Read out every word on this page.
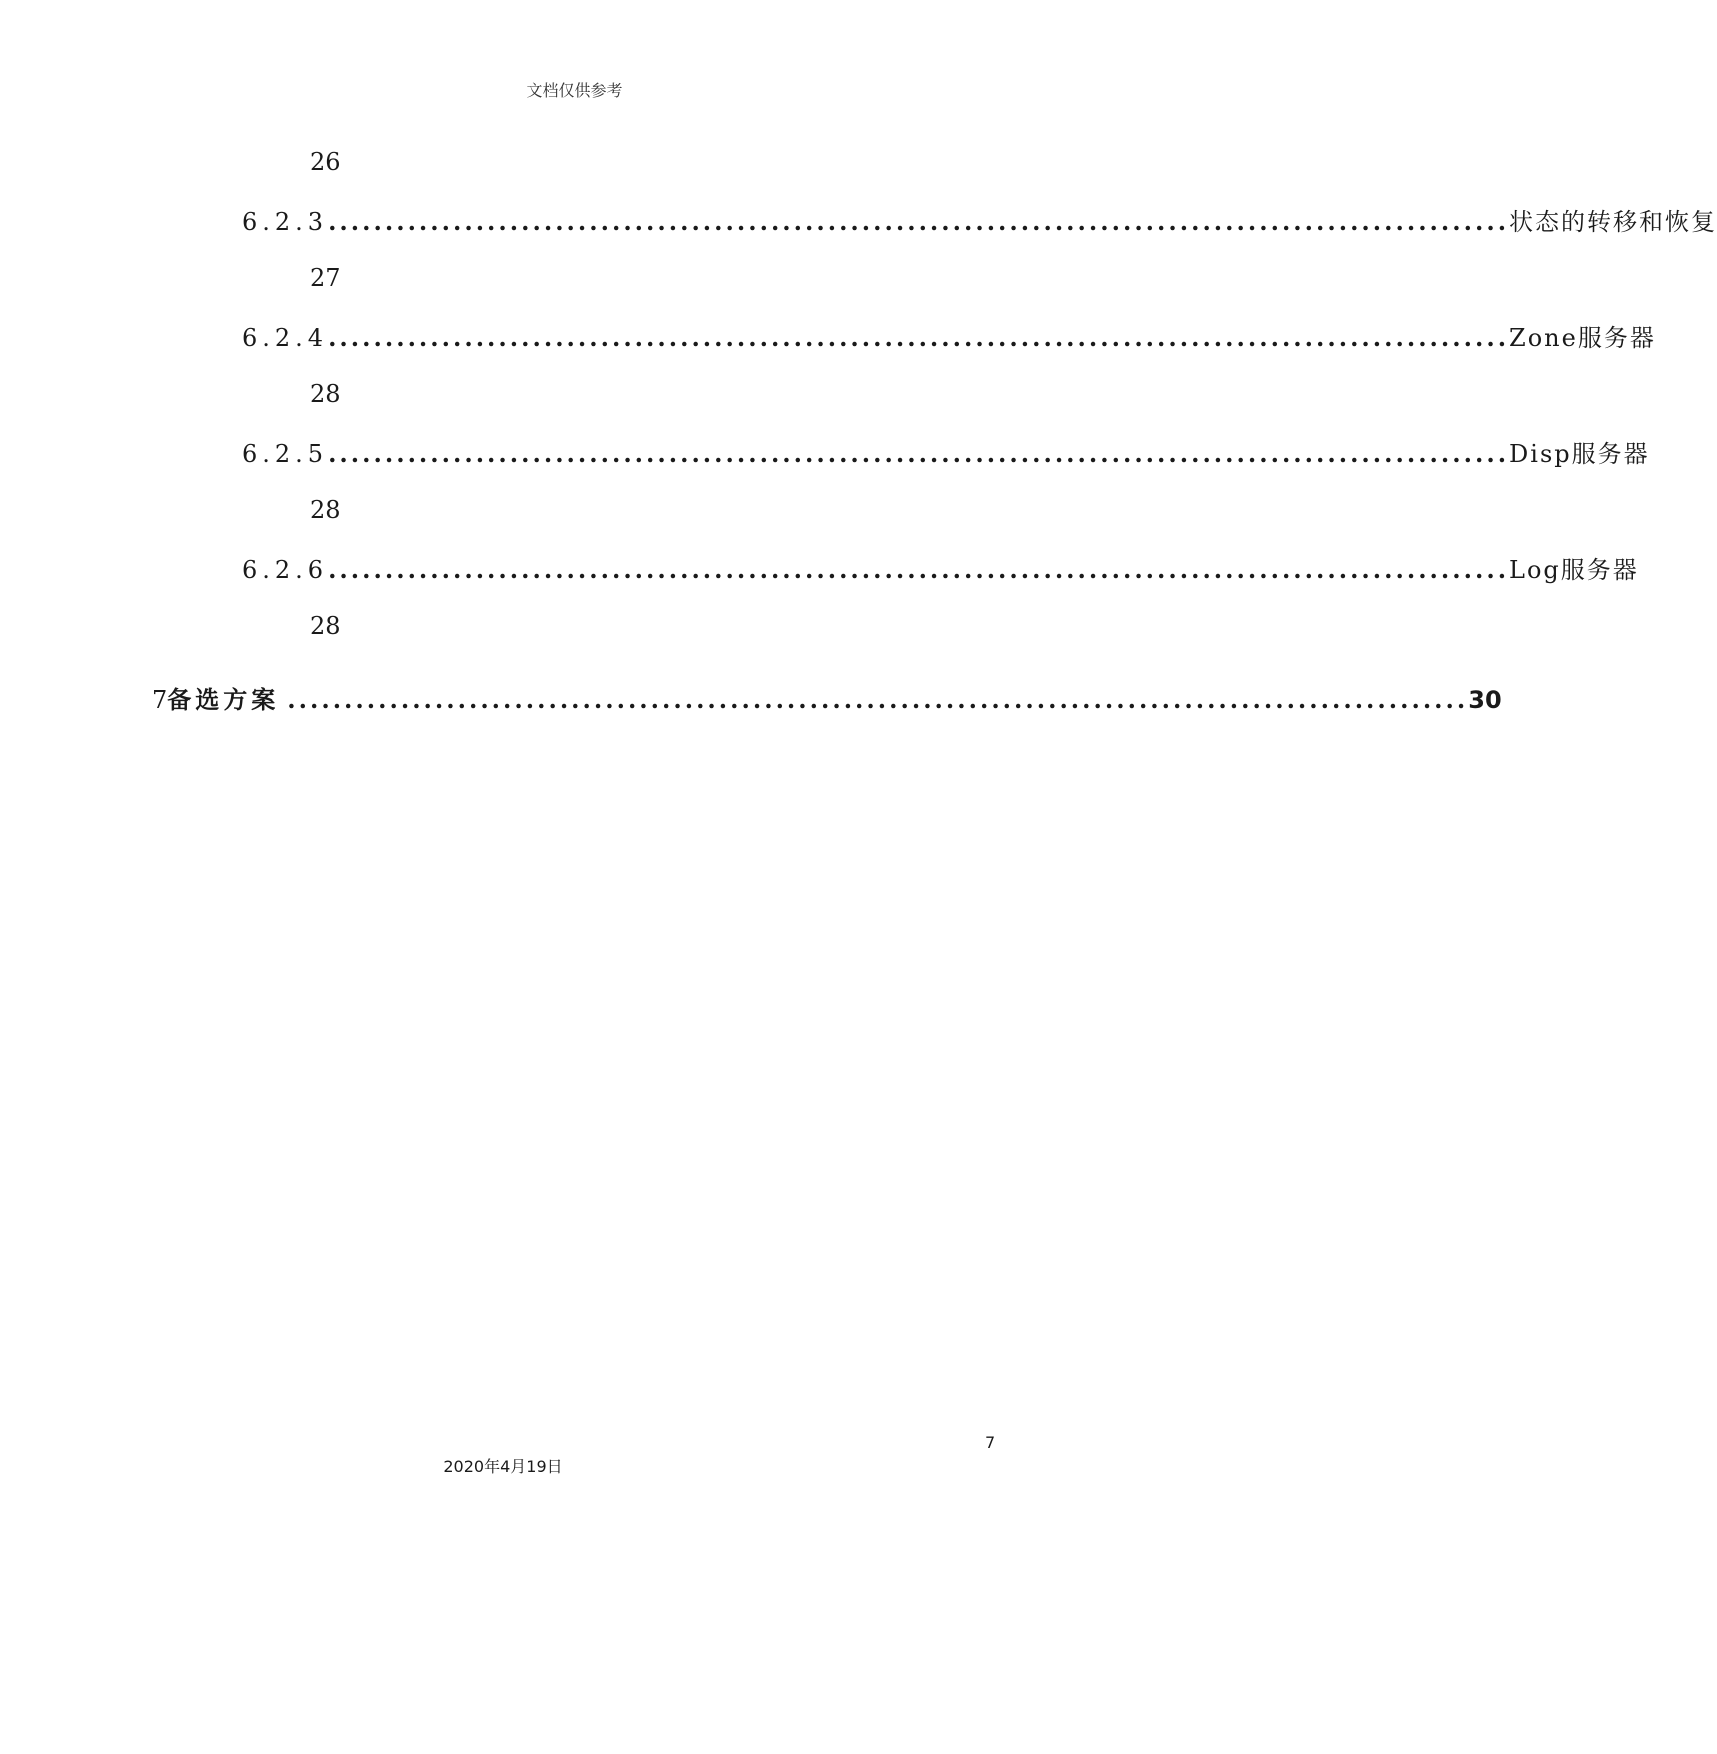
文档仅供参考
26
6.2.3 ........................................................................................................ 状态的转移和恢复
27
6.2.4 ........................................................................................................ Zone服务器
28
6.2.5 ........................................................................................................ Disp服务器
28
6.2.6 ........................................................................................................ Log服务器
28
7 备选方案 ........................................................................................................ 30
7
2020年4月19日
